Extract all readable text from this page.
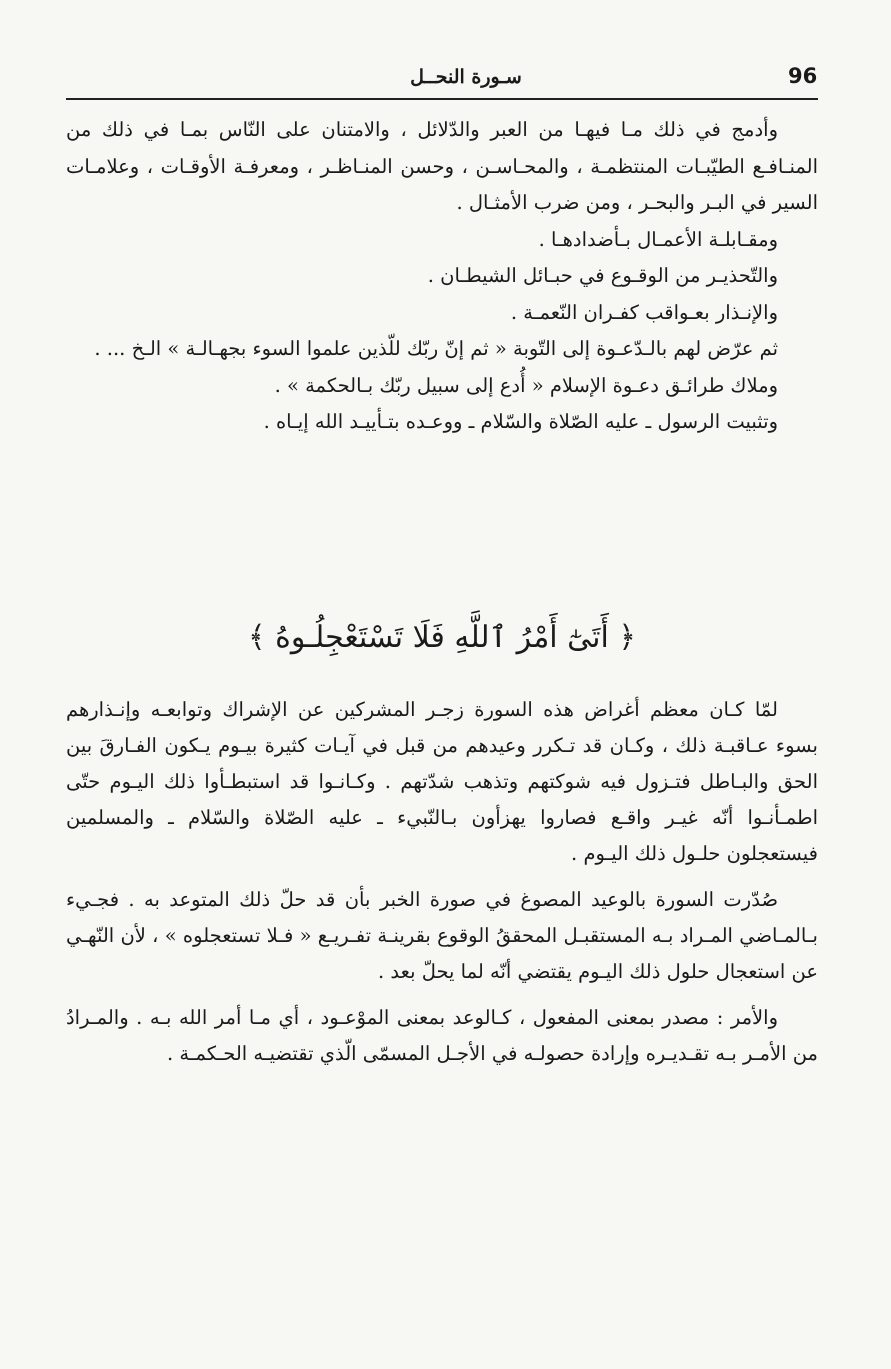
96
سـورة النحــل

وأدمج في ذلك مـا فيهـا من العبر والدّلائل ، والامتنان على النّاس بمـا في ذلك من المنـافـع الطيّبـات المنتظمـة ، والمحـاسـن ، وحسن المنـاظـر ، ومعرفـة الأوقـات ، وعلامـات السير في البـر والبحـر ، ومن ضرب الأمثـال .

ومقـابلـة الأعمـال بـأضدادهـا .

والتّحذيـر من الوقـوع في حبـائل الشيطـان .

والإنـذار بعـواقب كفـران النّعمـة .

ثم عرّض لهم بالـدّعـوة إلى التّوبة « ثم إنّ ربّك للّذين علموا السوء بجهـالـة » الـخ ... .

وملاك طرائـق دعـوة الإسلام « أُدع إلى سبيل ربّك بـالحكمة » .

وتثبيت الرسول ـ عليه الصّلاة والسّلام ـ ووعـده بتـأييـد الله إيـاه .

﴿ أَتَىٰٓ أَمْرُ ٱللَّهِ فَلَا تَسْتَعْجِلُـوهُ ﴾

لمّا كـان معظم أغراض هذه السورة زجـر المشركين عن الإشراك وتوابعـه وإنـذارهم بسوء عـاقبـة ذلك ، وكـان قد تـكرر وعيدهم من قبل في آيـات كثيرة بيـوم يـكون الفـارقَ بين الحق والبـاطل فتـزول فيه شوكتهم وتذهب شدّتهم . وكـانـوا قد استبطـأوا ذلك اليـوم حتّى اطمـأنـوا أنّه غيـر واقـع فصاروا يهزأون بـالنّبيء ـ عليه الصّلاة والسّلام ـ والمسلمين فيستعجلون حلـول ذلك اليـوم .

صُدّرت السورة بالوعيد المصوغ في صورة الخبر بأن قد حلّ ذلك المتوعد به . فجـيء بـالمـاضي المـراد بـه المستقبـل المحققُ الوقوع بقرينـة تفـريـع « فـلا تستعجلوه » ، لأن النّهـي عن استعجال حلول ذلك اليـوم يقتضي أنّه لما يحلّ بعد .

والأمر : مصدر بمعنى المفعول ، كـالوعد بمعنى الموْعـود ، أي مـا أمر الله بـه . والمـرادُ من الأمـر بـه تقـديـره وإرادة حصولـه في الأجـل المسمّى الّذي تقتضيـه الحـكمـة .
